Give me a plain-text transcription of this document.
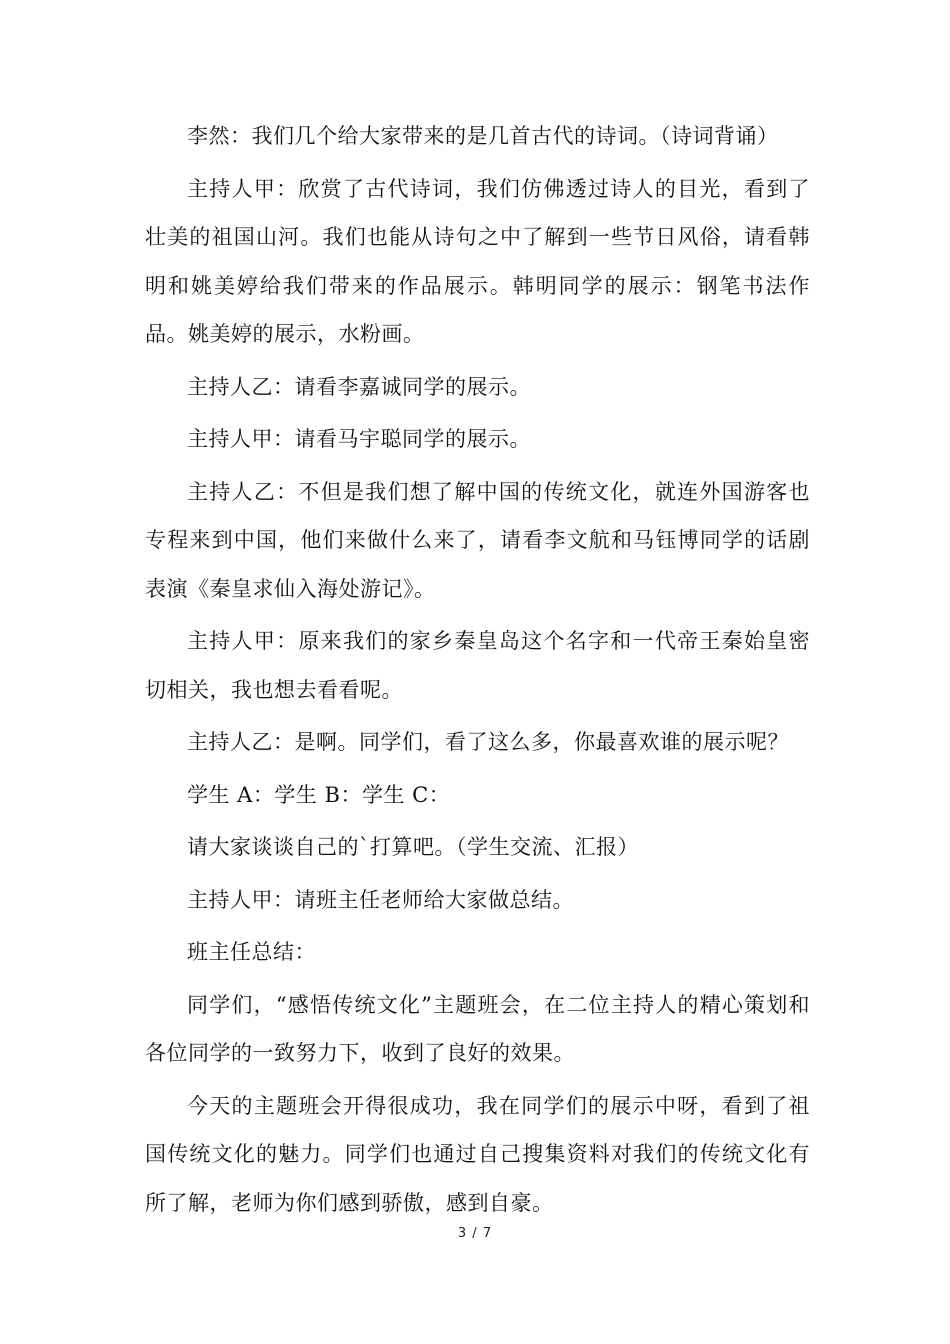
李然：我们几个给大家带来的是几首古代的诗词。（诗词背诵）

主持人甲：欣赏了古代诗词，我们仿佛透过诗人的目光，看到了壮美的祖国山河。我们也能从诗句之中了解到一些节日风俗，请看韩明和姚美婷给我们带来的作品展示。韩明同学的展示：钢笔书法作品。姚美婷的展示，水粉画。

主持人乙：请看李嘉诚同学的展示。

主持人甲：请看马宇聪同学的展示。

主持人乙：不但是我们想了解中国的传统文化，就连外国游客也专程来到中国，他们来做什么来了，请看李文航和马钰博同学的话剧表演《秦皇求仙入海处游记》。

主持人甲：原来我们的家乡秦皇岛这个名字和一代帝王秦始皇密切相关，我也想去看看呢。

主持人乙：是啊。同学们，看了这么多，你最喜欢谁的展示呢？

学生 A：学生 B：学生 C：

请大家谈谈自己的`打算吧。（学生交流、汇报）

主持人甲：请班主任老师给大家做总结。

班主任总结：

同学们，“感悟传统文化”主题班会，在二位主持人的精心策划和各位同学的一致努力下，收到了良好的效果。

今天的主题班会开得很成功，我在同学们的展示中呀，看到了祖国传统文化的魅力。同学们也通过自己搜集资料对我们的传统文化有所了解，老师为你们感到骄傲，感到自豪。

3 / 7
